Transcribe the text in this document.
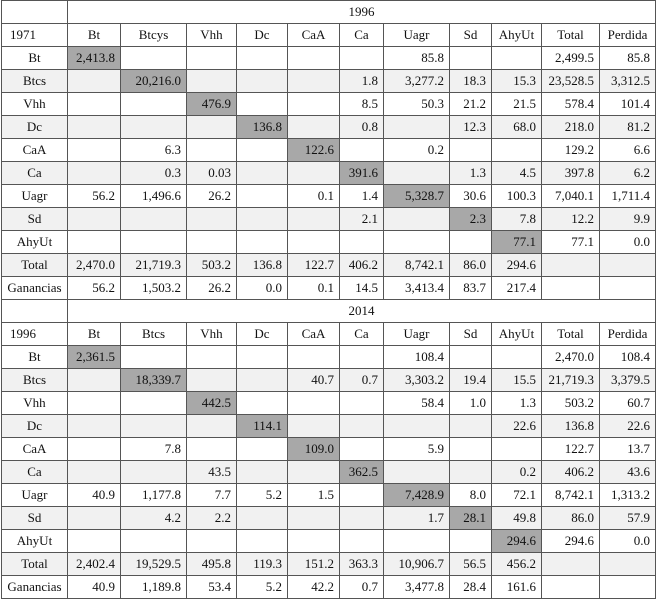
	1996										
1971	Bt	Btcys	Vhh	Dc	CaA	Ca	Uagr	Sd	AhyUt	Total	Perdida
Bt	2,413.8						85.8			2,499.5	85.8
Btcs		20,216.0				1.8	3,277.2	18.3	15.3	23,528.5	3,312.5
Vhh			476.9			8.5	50.3	21.2	21.5	578.4	101.4
Dc				136.8		0.8		12.3	68.0	218.0	81.2
CaA		6.3			122.6		0.2			129.2	6.6
Ca		0.3	0.03			391.6		1.3	4.5	397.8	6.2
Uagr	56.2	1,496.6	26.2		0.1	1.4	5,328.7	30.6	100.3	7,040.1	1,711.4
Sd						2.1		2.3	7.8	12.2	9.9
AhyUt									77.1	77.1	0.0
Total	2,470.0	21,719.3	503.2	136.8	122.7	406.2	8,742.1	86.0	294.6		
Ganancias	56.2	1,503.2	26.2	0.0	0.1	14.5	3,413.4	83.7	217.4		
	2014										
1996	Bt	Btcs	Vhh	Dc	CaA	Ca	Uagr	Sd	AhyUt	Total	Perdida
Bt	2,361.5						108.4			2,470.0	108.4
Btcs		18,339.7			40.7	0.7	3,303.2	19.4	15.5	21,719.3	3,379.5
Vhh			442.5				58.4	1.0	1.3	503.2	60.7
Dc				114.1					22.6	136.8	22.6
CaA		7.8			109.0		5.9			122.7	13.7
Ca			43.5			362.5			0.2	406.2	43.6
Uagr	40.9	1,177.8	7.7	5.2	1.5		7,428.9	8.0	72.1	8,742.1	1,313.2
Sd		4.2	2.2				1.7	28.1	49.8	86.0	57.9
AhyUt									294.6	294.6	0.0
Total	2,402.4	19,529.5	495.8	119.3	151.2	363.3	10,906.7	56.5	456.2		
Ganancias	40.9	1,189.8	53.4	5.2	42.2	0.7	3,477.8	28.4	161.6		
